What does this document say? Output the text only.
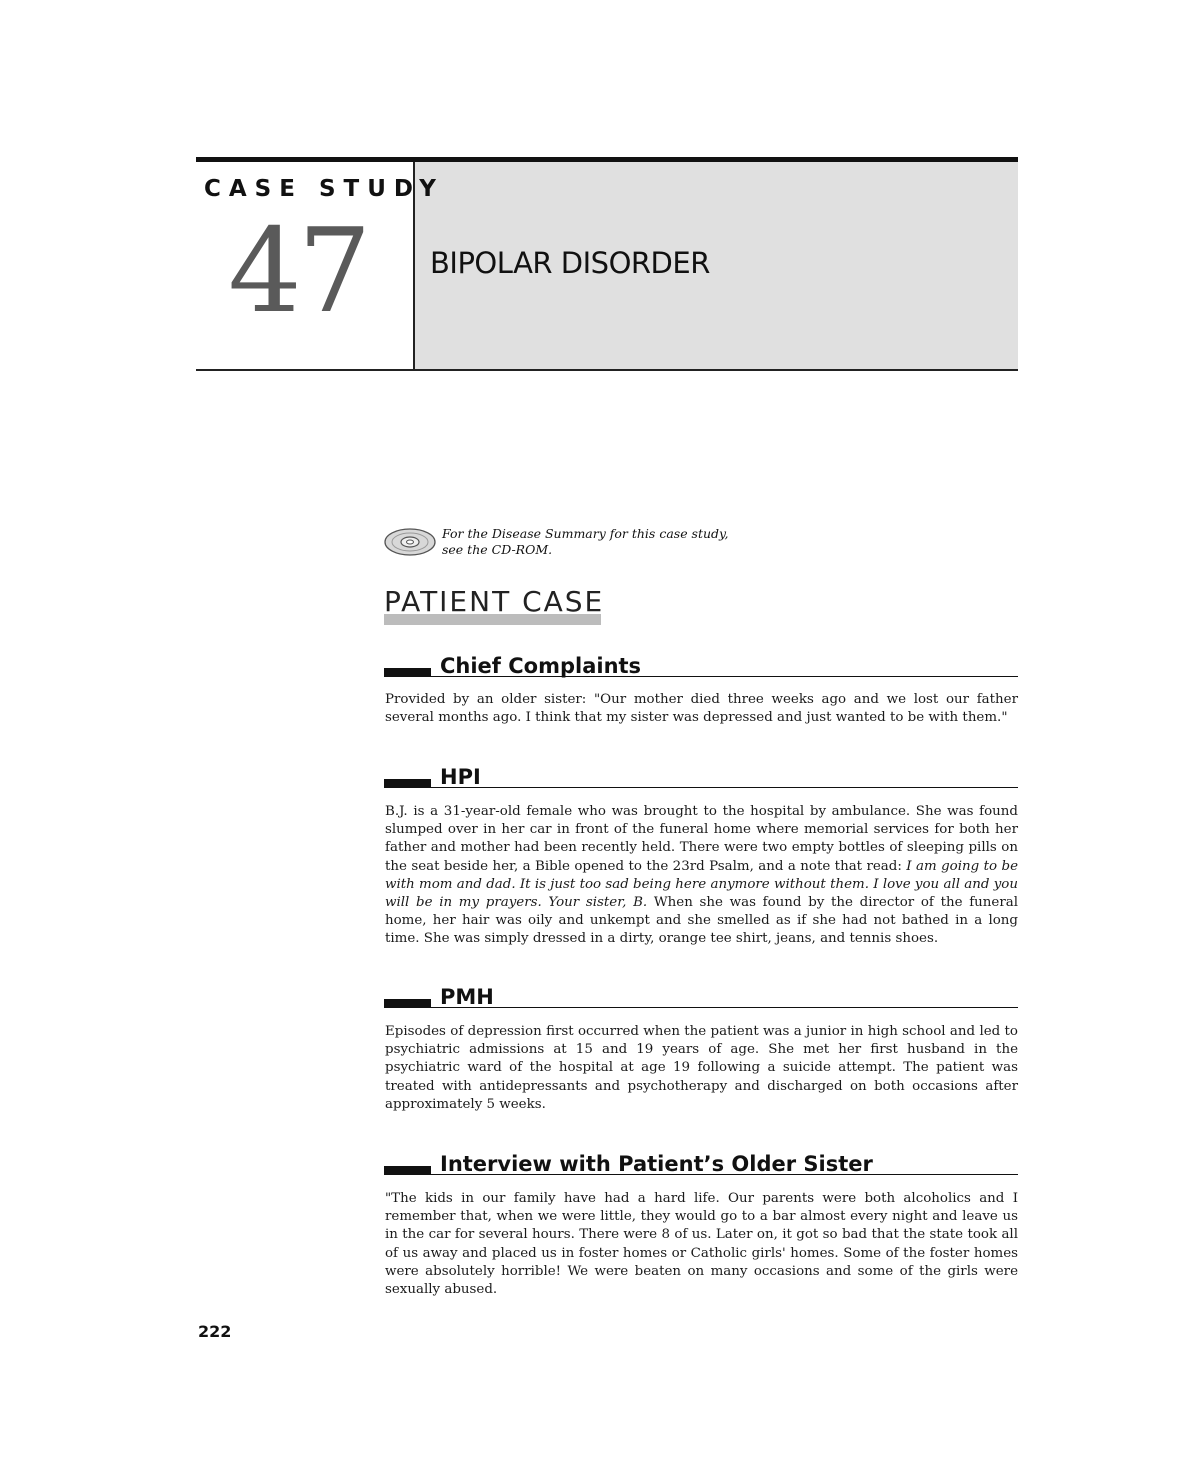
CASE STUDY
47 BIPOLAR DISORDER
For the Disease Summary for this case study,
see the CD-ROM.
PATIENT CASE
Chief Complaints

Provided by an older sister: "Our mother died three weeks ago and we lost our father several months ago. I think that my sister was depressed and just wanted to be with them."

HPI

B.J. is a 31-year-old female who was brought to the hospital by ambulance. She was found slumped over in her car in front of the funeral home where memorial services for both her father and mother had been recently held. There were two empty bottles of sleeping pills on the seat beside her, a Bible opened to the 23rd Psalm, and a note that read: I am going to be with mom and dad. It is just too sad being here anymore without them. I love you all and you will be in my prayers. Your sister, B. When she was found by the director of the funeral home, her hair was oily and unkempt and she smelled as if she had not bathed in a long time. She was simply dressed in a dirty, orange tee shirt, jeans, and tennis shoes.

PMH

Episodes of depression first occurred when the patient was a junior in high school and led to psychiatric admissions at 15 and 19 years of age. She met her first husband in the psychiatric ward of the hospital at age 19 following a suicide attempt. The patient was treated with antidepressants and psychotherapy and discharged on both occasions after approximately 5 weeks.

Interview with Patient’s Older Sister

"The kids in our family have had a hard life. Our parents were both alcoholics and I remember that, when we were little, they would go to a bar almost every night and leave us in the car for several hours. There were 8 of us. Later on, it got so bad that the state took all of us away and placed us in foster homes or Catholic girls' homes. Some of the foster homes were absolutely horrible! We were beaten on many occasions and some of the girls were sexually abused.

222
